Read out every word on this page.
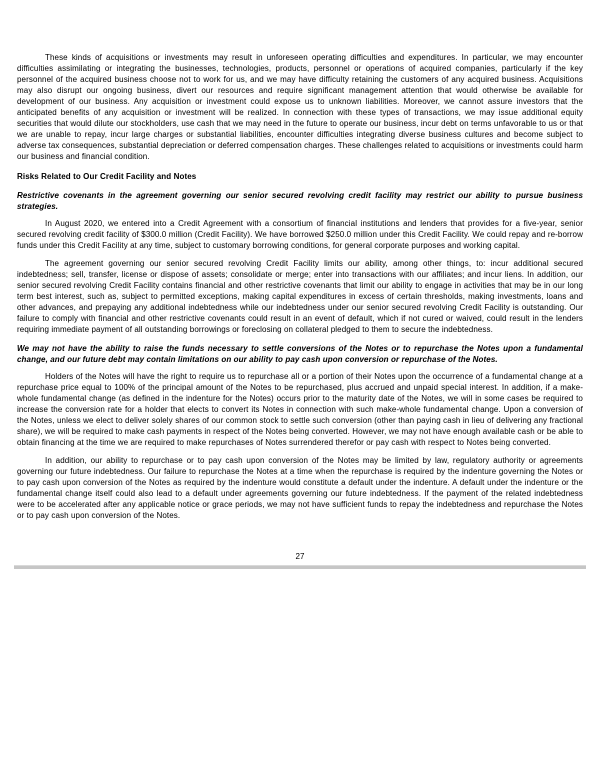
These kinds of acquisitions or investments may result in unforeseen operating difficulties and expenditures. In particular, we may encounter difficulties assimilating or integrating the businesses, technologies, products, personnel or operations of acquired companies, particularly if the key personnel of the acquired business choose not to work for us, and we may have difficulty retaining the customers of any acquired business. Acquisitions may also disrupt our ongoing business, divert our resources and require significant management attention that would otherwise be available for development of our business. Any acquisition or investment could expose us to unknown liabilities. Moreover, we cannot assure investors that the anticipated benefits of any acquisition or investment will be realized. In connection with these types of transactions, we may issue additional equity securities that would dilute our stockholders, use cash that we may need in the future to operate our business, incur debt on terms unfavorable to us or that we are unable to repay, incur large charges or substantial liabilities, encounter difficulties integrating diverse business cultures and become subject to adverse tax consequences, substantial depreciation or deferred compensation charges. These challenges related to acquisitions or investments could harm our business and financial condition.
Risks Related to Our Credit Facility and Notes
Restrictive covenants in the agreement governing our senior secured revolving credit facility may restrict our ability to pursue business strategies.
In August 2020, we entered into a Credit Agreement with a consortium of financial institutions and lenders that provides for a five-year, senior secured revolving credit facility of $300.0 million (Credit Facility). We have borrowed $250.0 million under this Credit Facility. We could repay and re-borrow funds under this Credit Facility at any time, subject to customary borrowing conditions, for general corporate purposes and working capital.
The agreement governing our senior secured revolving Credit Facility limits our ability, among other things, to: incur additional secured indebtedness; sell, transfer, license or dispose of assets; consolidate or merge; enter into transactions with our affiliates; and incur liens. In addition, our senior secured revolving Credit Facility contains financial and other restrictive covenants that limit our ability to engage in activities that may be in our long term best interest, such as, subject to permitted exceptions, making capital expenditures in excess of certain thresholds, making investments, loans and other advances, and prepaying any additional indebtedness while our indebtedness under our senior secured revolving Credit Facility is outstanding. Our failure to comply with financial and other restrictive covenants could result in an event of default, which if not cured or waived, could result in the lenders requiring immediate payment of all outstanding borrowings or foreclosing on collateral pledged to them to secure the indebtedness.
We may not have the ability to raise the funds necessary to settle conversions of the Notes or to repurchase the Notes upon a fundamental change, and our future debt may contain limitations on our ability to pay cash upon conversion or repurchase of the Notes.
Holders of the Notes will have the right to require us to repurchase all or a portion of their Notes upon the occurrence of a fundamental change at a repurchase price equal to 100% of the principal amount of the Notes to be repurchased, plus accrued and unpaid special interest. In addition, if a make-whole fundamental change (as defined in the indenture for the Notes) occurs prior to the maturity date of the Notes, we will in some cases be required to increase the conversion rate for a holder that elects to convert its Notes in connection with such make-whole fundamental change. Upon a conversion of the Notes, unless we elect to deliver solely shares of our common stock to settle such conversion (other than paying cash in lieu of delivering any fractional share), we will be required to make cash payments in respect of the Notes being converted. However, we may not have enough available cash or be able to obtain financing at the time we are required to make repurchases of Notes surrendered therefor or pay cash with respect to Notes being converted.
In addition, our ability to repurchase or to pay cash upon conversion of the Notes may be limited by law, regulatory authority or agreements governing our future indebtedness. Our failure to repurchase the Notes at a time when the repurchase is required by the indenture governing the Notes or to pay cash upon conversion of the Notes as required by the indenture would constitute a default under the indenture. A default under the indenture or the fundamental change itself could also lead to a default under agreements governing our future indebtedness. If the payment of the related indebtedness were to be accelerated after any applicable notice or grace periods, we may not have sufficient funds to repay the indebtedness and repurchase the Notes or to pay cash upon conversion of the Notes.
27
